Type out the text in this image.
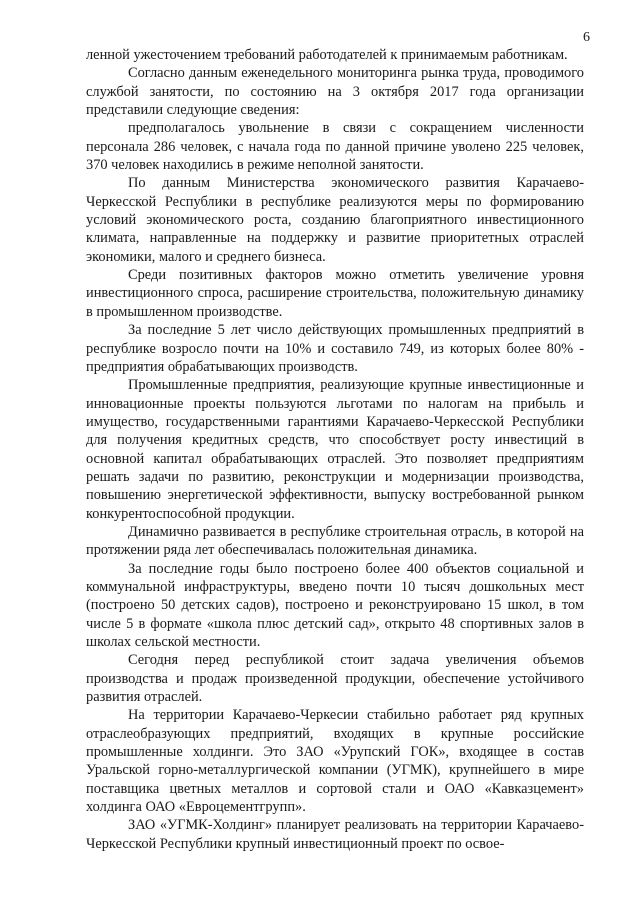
6

ленной ужесточением требований работодателей к принимаемым работникам.

Согласно данным еженедельного мониторинга рынка труда, проводимого службой занятости, по состоянию на 3 октября 2017 года организации представили следующие сведения:

предполагалось увольнение в связи с сокращением численности персонала 286 человек, с начала года по данной причине уволено 225 человек, 370 человек находились в режиме неполной занятости.

По данным Министерства экономического развития Карачаево-Черкесской Республики в республике реализуются меры по формированию условий экономического роста, созданию благоприятного инвестиционного климата, направленные на поддержку и развитие приоритетных отраслей экономики, малого и среднего бизнеса.

Среди позитивных факторов можно отметить увеличение уровня инвестиционного спроса, расширение строительства, положительную динамику в промышленном производстве.

За последние 5 лет число действующих промышленных предприятий в республике возросло почти на 10% и составило 749, из которых более 80% - предприятия обрабатывающих производств.

Промышленные предприятия, реализующие крупные инвестиционные и инновационные проекты пользуются льготами по налогам на прибыль и имущество, государственными гарантиями Карачаево-Черкесской Республики для получения кредитных средств, что способствует росту инвестиций в основной капитал обрабатывающих отраслей. Это позволяет предприятиям решать задачи по развитию, реконструкции и модернизации производства, повышению энергетической эффективности, выпуску востребованной рынком конкурентоспособной продукции.

Динамично развивается в республике строительная отрасль, в которой на протяжении ряда лет обеспечивалась положительная динамика.

За последние годы было построено более 400 объектов социальной и коммунальной инфраструктуры, введено почти 10 тысяч дошкольных мест (построено 50 детских садов), построено и реконструировано 15 школ, в том числе 5 в формате «школа плюс детский сад», открыто 48 спортивных залов в школах сельской местности.

Сегодня перед республикой стоит задача увеличения объемов производства и продаж произведенной продукции, обеспечение устойчивого развития отраслей.

На территории Карачаево-Черкесии стабильно работает ряд крупных отраслеобразующих предприятий, входящих в крупные российские промышленные холдинги. Это ЗАО «Урупский ГОК», входящее в состав Уральской горно-металлургической компании (УГМК), крупнейшего в мире поставщика цветных металлов и сортовой стали и ОАО «Кавказцемент» холдинга ОАО «Евроцементгрупп».

ЗАО «УГМК-Холдинг» планирует реализовать на территории Карачаево-Черкесской Республики крупный инвестиционный проект по освое-
